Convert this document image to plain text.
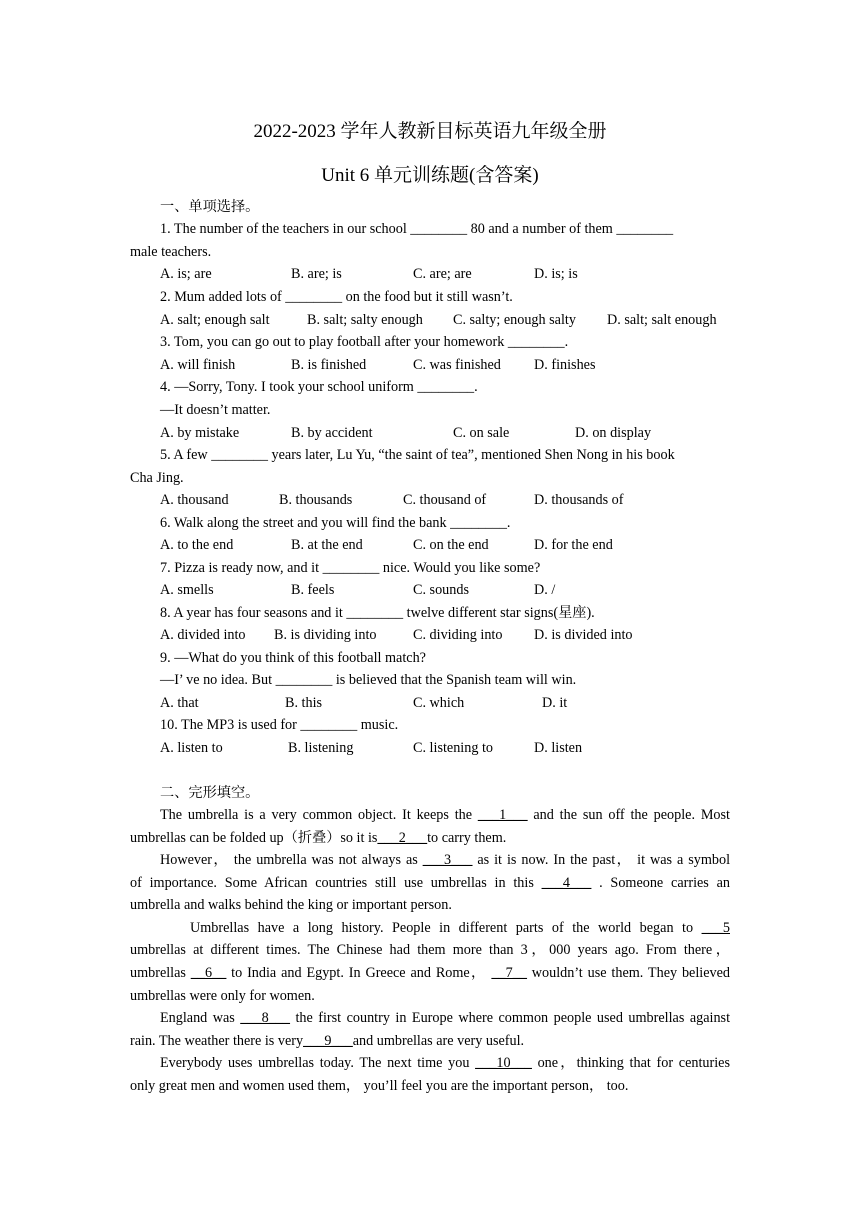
2022-2023 学年人教新目标英语九年级全册
Unit 6 单元训练题(含答案)
一、单项选择。
1. The number of the teachers in our school ________ 80 and a number of them ________
male teachers.
A. is; are	B. are; is	C. are; are	D. is; is
2. Mum added lots of ________ on the food but it still wasn’t.
A. salt; enough salt	B. salt; salty enough C. salty; enough salty D. salt; salt enough
3. Tom, you can go out to play football after your homework ________.
A. will finish	B. is finished	C. was finished D. finishes
4. —Sorry, Tony. I took your school uniform ________.
—It doesn’t matter.
A. by mistake	B. by accident	C. on sale	D. on display
5. A few ________ years later, Lu Yu, “the saint of tea”, mentioned Shen Nong in his book
Cha Jing.
A. thousand	B. thousands	C. thousand of	D. thousands of
6. Walk along the street and you will find the bank ________.
A. to the end	B. at the end	C. on the end	D. for the end
7. Pizza is ready now, and it ________ nice. Would you like some?
A. smells	B. feels	C. sounds	D. /
8. A year has four seasons and it ________ twelve different star signs(星座).
A. divided into B. is dividing into	C. dividing into D. is divided into
9. —What do you think of this football match?
—I’ ve no idea. But ________ is believed that the Spanish team will win.
A. that	B. this	C. which	D. it
10. The MP3 is used for ________ music.
A. listen to	B. listening	C. listening to	D. listen
二、完形填空。
The umbrella is a very common object. It keeps the ___1___ and the sun off the people. Most
umbrellas can be folded up（折叠）so it is___2___to carry them.
However， the umbrella was not always as ___3___ as it is now. In the past， it was a symbol
of importance. Some African countries still use umbrellas in this ___4___ . Someone carries an
umbrella and walks behind the king or important person.
Umbrellas have a long history. People in different parts of the world began to ___5
umbrellas at different times. The Chinese had them more than 3，000 years ago. From there，
umbrellas __6__ to India and Egypt. In Greece and Rome， __7__ wouldn’t use them. They believed
umbrellas were only for women.
England was ___8___ the first country in Europe where common people used umbrellas against
rain. The weather there is very___9___and umbrellas are very useful.
Everybody uses umbrellas today. The next time you ___10___ one，thinking that for centuries
only great men and women used them， you’ll feel you are the important person， too.
